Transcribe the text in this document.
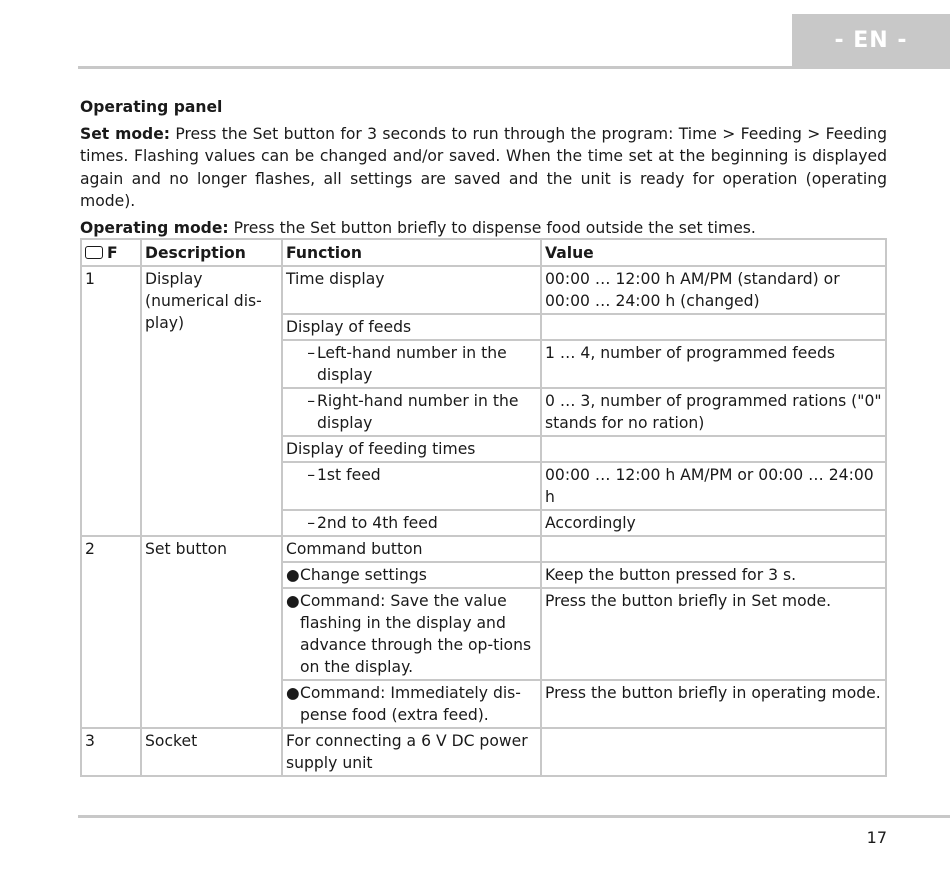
- EN -
Operating panel

Set mode: Press the Set button for 3 seconds to run through the program: Time > Feeding > Feeding times. Flashing values can be changed and/or saved. When the time set at the beginning is displayed again and no longer flashes, all settings are saved and the unit is ready for operation (operating mode).

Operating mode: Press the Set button briefly to dispense food outside the set times.

F	Description	Function	Value
1	Display (numerical dis-play)	Time display	00:00 … 12:00 h AM/PM (standard) or 00:00 … 24:00 h (changed)
		Display of feeds	

		– Left-hand number in the display	1 … 4, number of programmed feeds

		– Right-hand number in the display	0 … 3, number of programmed rations ("0" stands for no ration)
		Display of feeding times	

		– 1st feed	00:00 … 12:00 h AM/PM or 00:00 … 24:00 h

		– 2nd to 4th feed	Accordingly
2	Set button	Command button	

		● Change settings	Keep the button pressed for 3 s.

		● Command: Save the value flashing in the display and advance through the op-tions on the display.	Press the button briefly in Set mode.

		● Command: Immediately dis-pense food (extra feed).	Press the button briefly in operating mode.
3	Socket	For connecting a 6 V DC power supply unit	
17
